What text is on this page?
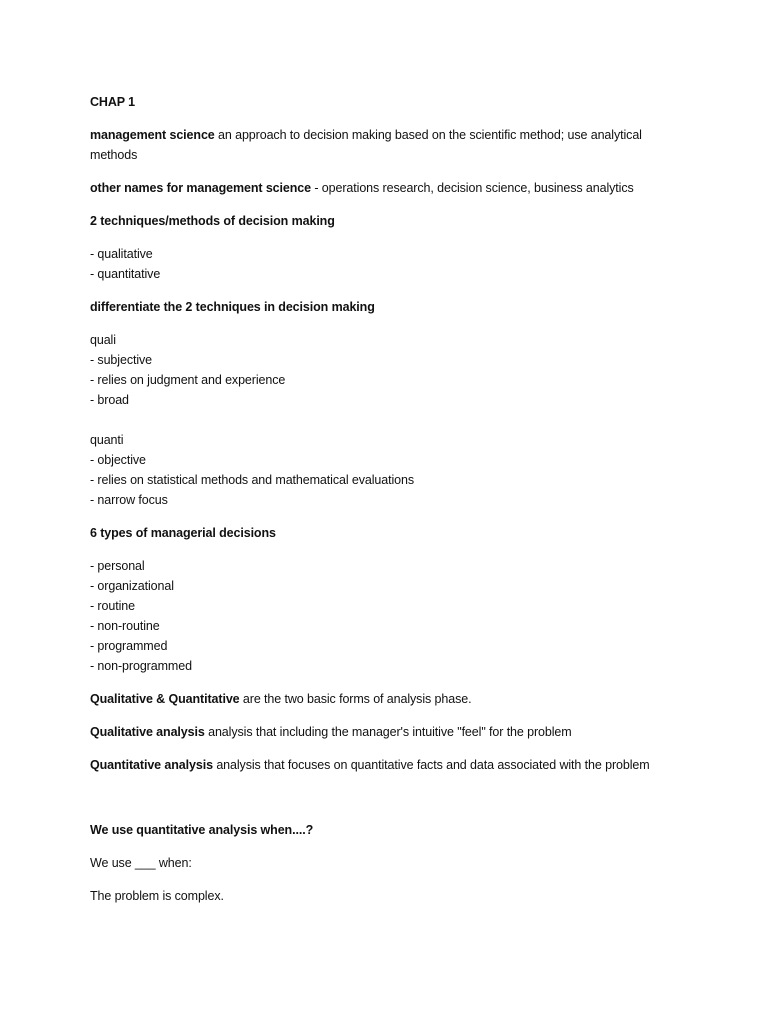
CHAP 1
management science an approach to decision making based on the scientific method; use analytical
methods
other names for management science - operations research, decision science, business analytics
2 techniques/methods of decision making
- qualitative
- quantitative
differentiate the 2 techniques in decision making
quali
- subjective
- relies on judgment and experience
- broad
quanti
- objective
- relies on statistical methods and mathematical evaluations
- narrow focus
6 types of managerial decisions
- personal
- organizational
- routine
- non-routine
- programmed
- non-programmed
Qualitative & Quantitative are the two basic forms of analysis phase.
Qualitative analysis analysis that including the manager's intuitive "feel" for the problem
Quantitative analysis analysis that focuses on quantitative facts and data associated with the problem
We use quantitative analysis when....?
We use ___ when:
The problem is complex.
